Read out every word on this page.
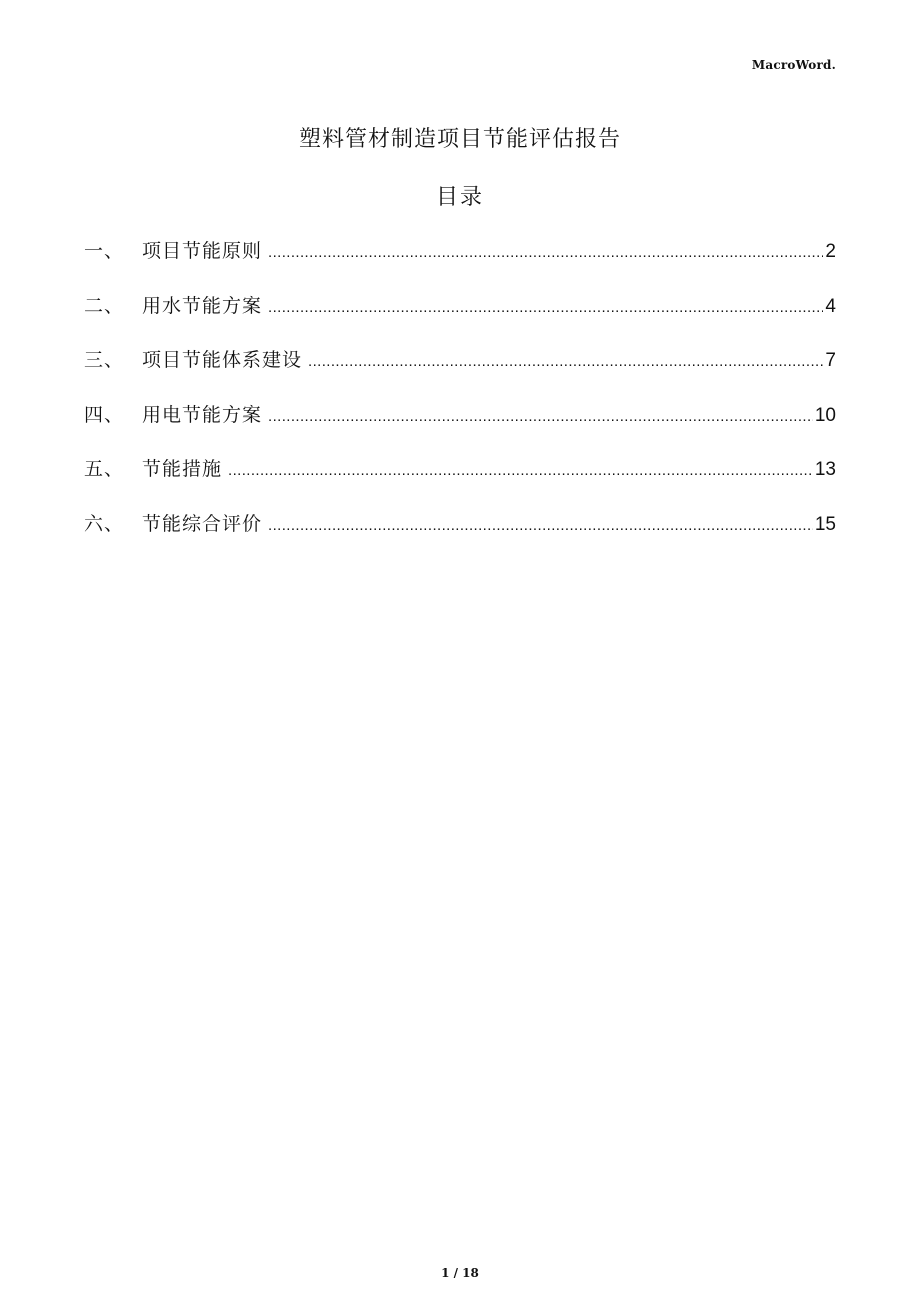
MacroWord.
塑料管材制造项目节能评估报告
目录
一、 项目节能原则 .....	2
二、 用水节能方案 .....	4
三、 项目节能体系建设 .....	7
四、 用电节能方案 .....	10
五、 节能措施 .....	13
六、 节能综合评价 .....	15
1 / 18
